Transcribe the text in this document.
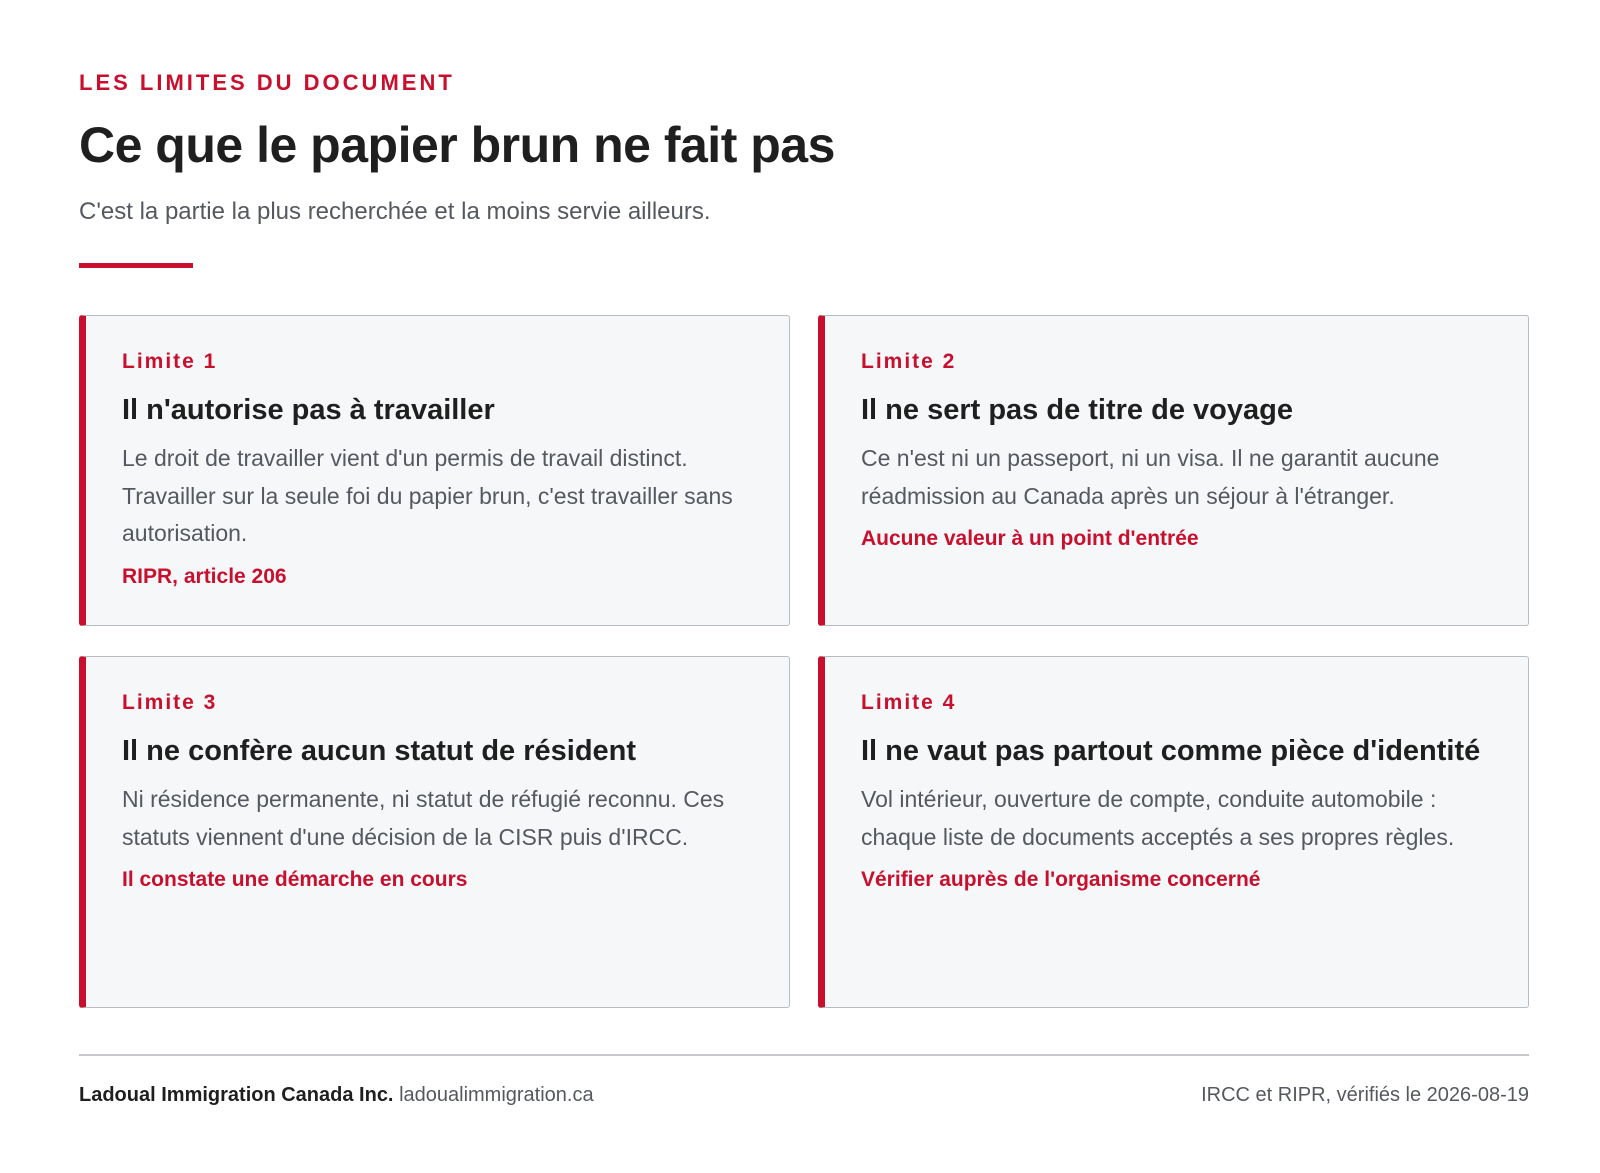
LES LIMITES DU DOCUMENT
Ce que le papier brun ne fait pas

C'est la partie la plus recherchée et la moins servie ailleurs.

Limite 1
Il n'autorise pas à travailler
Le droit de travailler vient d'un permis de travail distinct. Travailler sur la seule foi du papier brun, c'est travailler sans autorisation.
RIPR, article 206
Limite 2
Il ne sert pas de titre de voyage
Ce n'est ni un passeport, ni un visa. Il ne garantit aucune réadmission au Canada après un séjour à l'étranger.
Aucune valeur à un point d'entrée
Limite 3
Il ne confère aucun statut de résident
Ni résidence permanente, ni statut de réfugié reconnu. Ces statuts viennent d'une décision de la CISR puis d'IRCC.
Il constate une démarche en cours
Limite 4
Il ne vaut pas partout comme pièce d'identité
Vol intérieur, ouverture de compte, conduite automobile : chaque liste de documents acceptés a ses propres règles.
Vérifier auprès de l'organisme concerné
Ladoual Immigration Canada Inc. ladoualimmigration.ca	IRCC et RIPR, vérifiés le 2026-08-19
